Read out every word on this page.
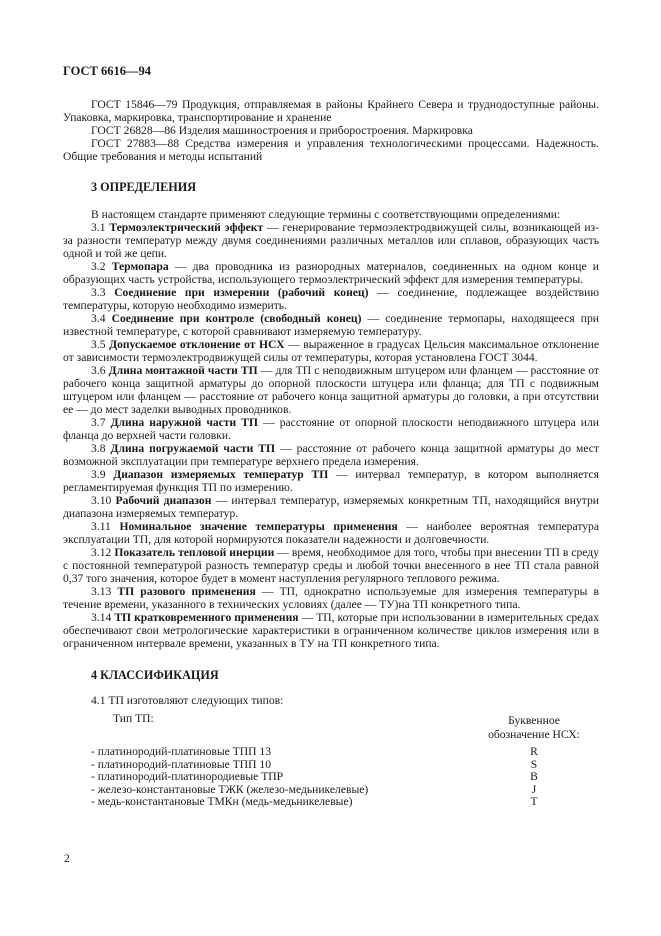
ГОСТ 6616—94

ГОСТ 15846—79 Продукция, отправляемая в районы Крайнего Севера и труднодоступные районы. Упаковка, маркировка, транспортирование и хранение

ГОСТ 26828—86 Изделия машиностроения и приборостроения. Маркировка

ГОСТ 27883—88 Средства измерения и управления технологическими процессами. Надежность. Общие требования и методы испытаний

3 ОПРЕДЕЛЕНИЯ

В настоящем стандарте применяют следующие термины с соответствующими определениями:

3.1 Термоэлектрический эффект — генерирование термоэлектродвижущей силы, возникающей из-за разности температур между двумя соединениями различных металлов или сплавов, образующих часть одной и той же цепи.

3.2 Термопара — два проводника из разнородных материалов, соединенных на одном конце и образующих часть устройства, использующего термоэлектрический эффект для измерения температуры.

3.3 Соединение при измерении (рабочий конец) — соединение, подлежащее воздействию температуры, которую необходимо измерить.

3.4 Соединение при контроле (свободный конец) — соединение термопары, находящееся при известной температуре, с которой сравнивают измеряемую температуру.

3.5 Допускаемое отклонение от НСХ — выраженное в градусах Цельсия максимальное отклонение от зависимости термоэлектродвижущей силы от температуры, которая установлена ГОСТ 3044.

3.6 Длина монтажной части ТП — для ТП с неподвижным штуцером или фланцем — расстояние от рабочего конца защитной арматуры до опорной плоскости штуцера или фланца; для ТП с подвижным штуцером или фланцем — расстояние от рабочего конца защитной арматуры до головки, а при отсутствии ее — до мест заделки выводных проводников.

3.7 Длина наружной части ТП — расстояние от опорной плоскости неподвижного штуцера или фланца до верхней части головки.

3.8 Длина погружаемой части ТП — расстояние от рабочего конца защитной арматуры до мест возможной эксплуатации при температуре верхнего предела измерения.

3.9 Диапазон измеряемых температур ТП — интервал температур, в котором выполняется регламентируемая функция ТП по измерению.

3.10 Рабочий диапазон — интервал температур, измеряемых конкретным ТП, находящийся внутри диапазона измеряемых температур.

3.11 Номинальное значение температуры применения — наиболее вероятная температура эксплуатации ТП, для которой нормируются показатели надежности и долговечности.

3.12 Показатель тепловой инерции — время, необходимое для того, чтобы при внесении ТП в среду с постоянной температурой разность температур среды и любой точки внесенного в нее ТП стала равной 0,37 того значения, которое будет в момент наступления регулярного теплового режима.

3.13 ТП разового применения — ТП, однократно используемые для измерения температуры в течение времени, указанного в технических условиях (далее — ТУ)на ТП конкретного типа.

3.14 ТП кратковременного применения — ТП, которые при использовании в измерительных средах обеспечивают свои метрологические характеристики в ограниченном количестве циклов измерения или в ограниченном интервале времени, указанных в ТУ на ТП конкретного типа.

4 КЛАССИФИКАЦИЯ
4.1 ТП изготовляют следующих типов:
Тип ТП:	Буквенное
обозначение НСХ:
- платинородий-платиновые ТПП 13	R
- платинородий-платиновые ТПП 10	S
- платинородий-платинородиевые ТПР	B
- железо-константановые ТЖК (железо-медьникелевые)	J
- медь-константановые ТМКн (медь-медьникелевые)	T
2
